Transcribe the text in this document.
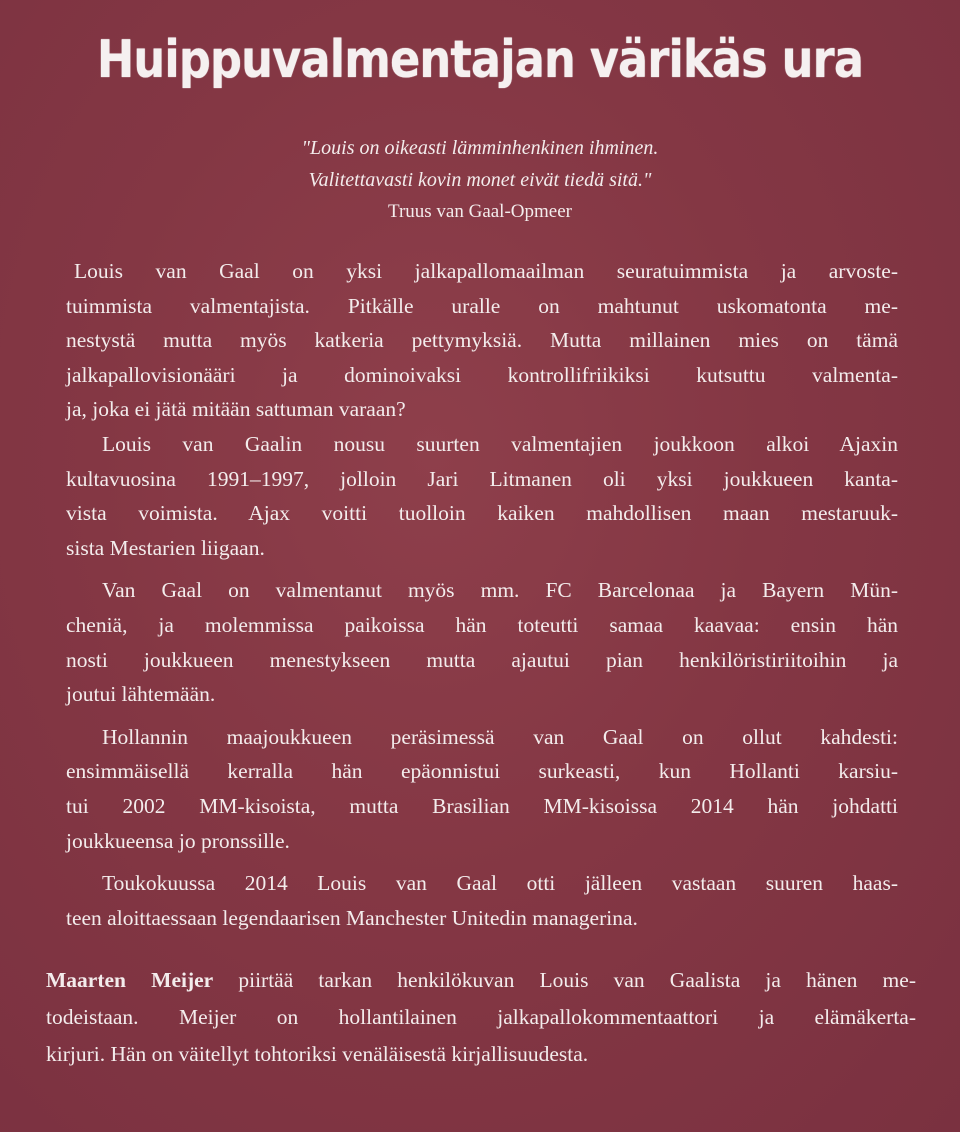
Huippuvalmentajan värikäs ura
"Louis on oikeasti lämminhenkinen ihminen.
Valitettavasti kovin monet eivät tiedä sitä."
Truus van Gaal-Opmeer

Louis van Gaal on yksi jalkapallomaailman seuratuimmista ja arvoste-
tuimmista valmentajista. Pitkälle uralle on mahtunut uskomatonta me-
nestystä mutta myös katkeria pettymyksiä. Mutta millainen mies on tämä
jalkapallovisionääri ja dominoivaksi kontrollifriikiksi kutsuttu valmenta-
ja, joka ei jätä mitään sattuman varaan?

Louis van Gaalin nousu suurten valmentajien joukkoon alkoi Ajaxin
kultavuosina 1991–1997, jolloin Jari Litmanen oli yksi joukkueen kanta-
vista voimista. Ajax voitti tuolloin kaiken mahdollisen maan mestaruuk-
sista Mestarien liigaan.

Van Gaal on valmentanut myös mm. FC Barcelonaa ja Bayern Mün-
cheniä, ja molemmissa paikoissa hän toteutti samaa kaavaa: ensin hän
nosti joukkueen menestykseen mutta ajautui pian henkilöristiriitoihin ja
joutui lähtemään.

Hollannin maajoukkueen peräsimessä van Gaal on ollut kahdesti:
ensimmäisellä kerralla hän epäonnistui surkeasti, kun Hollanti karsiu-
tui 2002 MM-kisoista, mutta Brasilian MM-kisoissa 2014 hän johdatti
joukkueensa jo pronssille.

Toukokuussa 2014 Louis van Gaal otti jälleen vastaan suuren haas-
teen aloittaessaan legendaarisen Manchester Unitedin managerina.

Maarten Meijer piirtää tarkan henkilökuvan Louis van Gaalista ja hänen me-
todeistaan. Meijer on hollantilainen jalkapallokommentaattori ja elämäkerta-
kirjuri. Hän on väitellyt tohtoriksi venäläisestä kirjallisuudesta.
